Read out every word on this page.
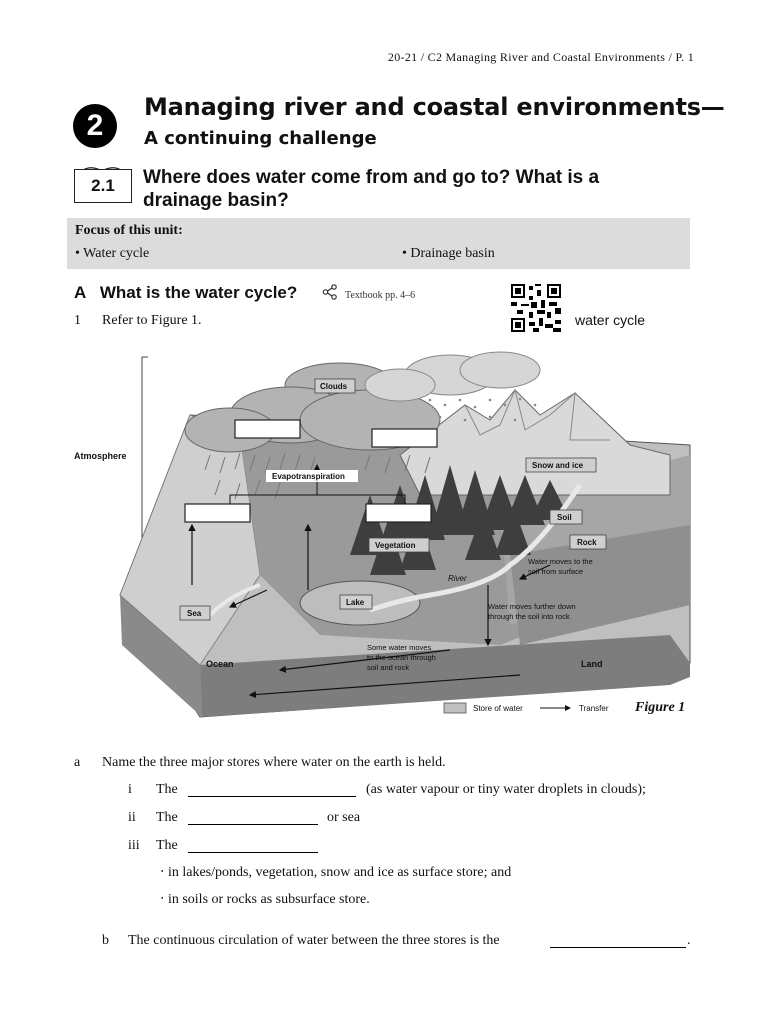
20-21 / C2 Managing River and Coastal Environments / P. 1
2
Managing river and coastal environments—
A continuing challenge
2.1	Where does water come from and go to? What is a drainage basin?
Focus of this unit:
• Water cycle	• Drainage basin
A   What is the water cycle?	Textbook pp. 4–6
water cycle
1 Refer to Figure 1.
Atmosphere
Evapotranspiration
Clouds
Snow and ice
Soil
Rock
Vegetation
Sea
Lake
River
Ocean	Land
Water moves to the
soil from surface
Water moves further down
through the soil into rock
Some water moves
to the ocean through
soil and rock
Store of water	Transfer Figure 1
a Name the three major stores where water on the earth is held.
i The	(as water vapour or tiny water droplets in clouds);
ii The	or sea
iii The
‧ in lakes/ponds, vegetation, snow and ice as surface store; and
‧ in soils or rocks as subsurface store.
b The continuous circulation of water between the three stores is the	.
